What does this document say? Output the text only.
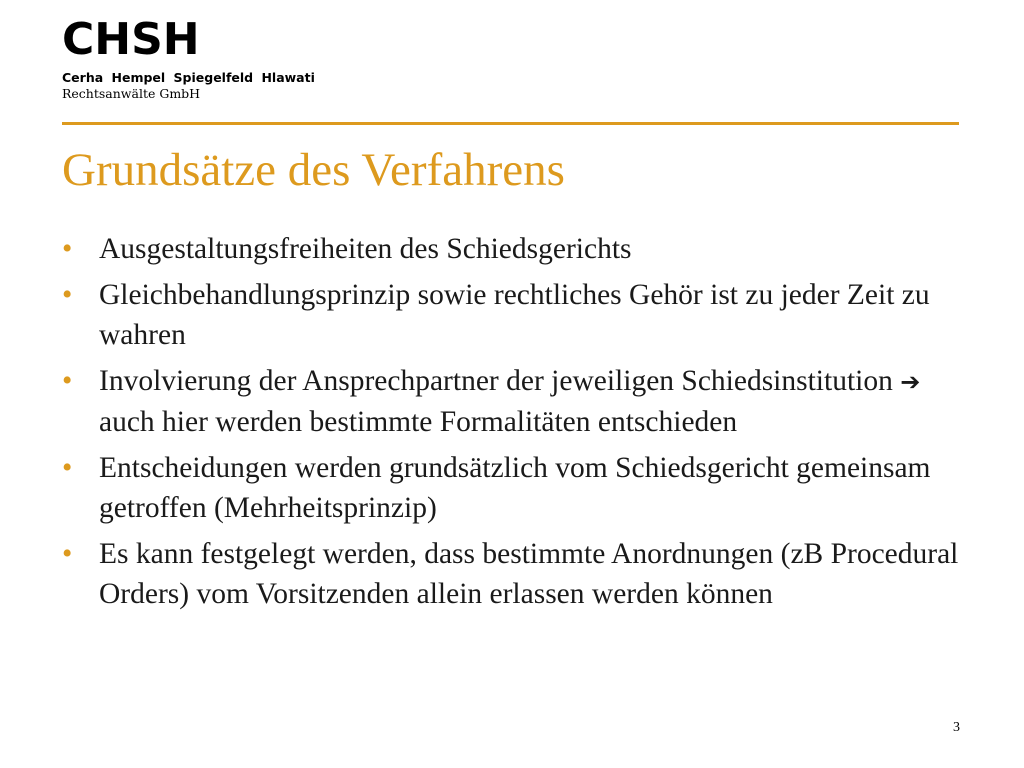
CHSH
Cerha Hempel Spiegelfeld Hlawati
Rechtsanwälte GmbH
Grundsätze des Verfahrens
• Ausgestaltungsfreiheiten des Schiedsgerichts
• Gleichbehandlungsprinzip sowie rechtliches Gehör ist zu jeder Zeit zu wahren
• Involvierung der Ansprechpartner der jeweiligen Schiedsinstitution ➔ auch hier werden bestimmte Formalitäten entschieden
• Entscheidungen werden grundsätzlich vom Schiedsgericht gemeinsam getroffen (Mehrheitsprinzip)
• Es kann festgelegt werden, dass bestimmte Anordnungen (zB Procedural Orders) vom Vorsitzenden allein erlassen werden können
3
